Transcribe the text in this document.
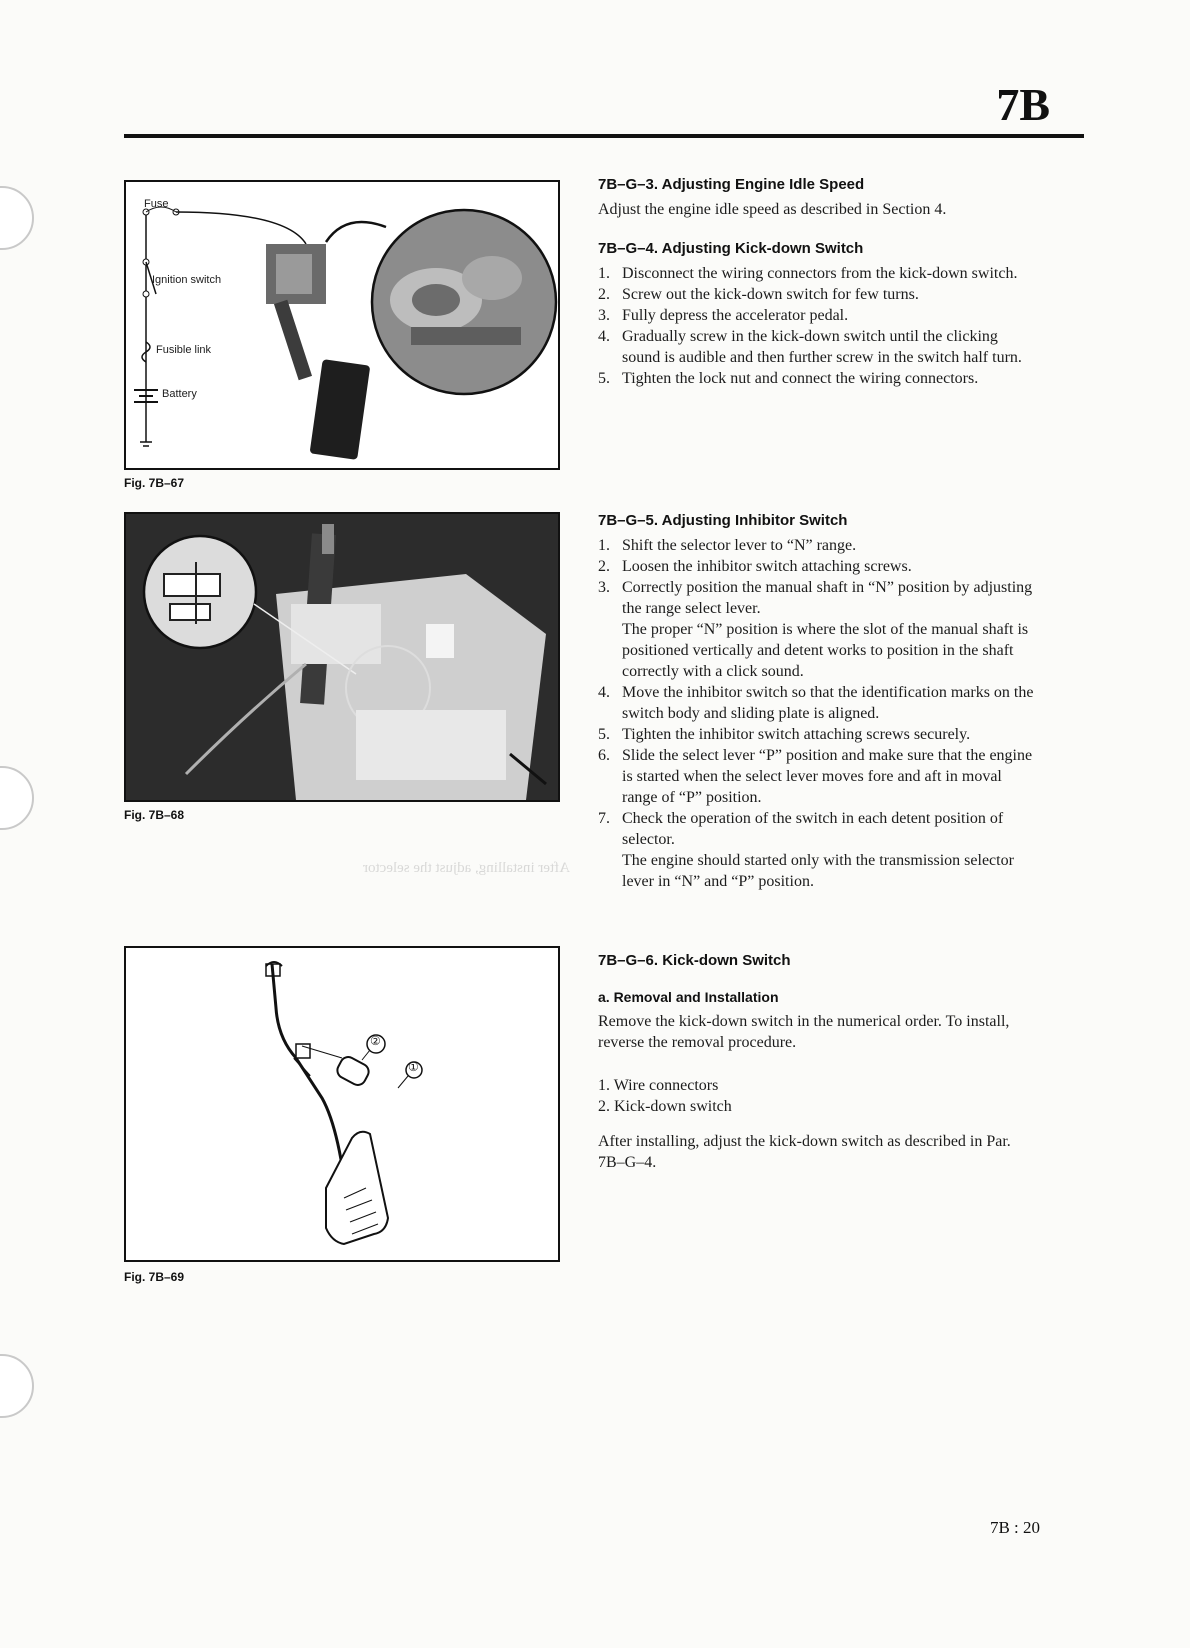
7B
After installing, adjust the selector
Fuse
Ignition switch
Fusible link
Battery
Fig. 7B–67
Fig. 7B–68
②
①
Fig. 7B–69
7B–G–3. Adjusting Engine Idle Speed

Adjust the engine idle speed as described in Section 4.

7B–G–4. Adjusting Kick-down Switch
1. Disconnect the wiring connectors from the kick-down switch.
2. Screw out the kick-down switch for few turns.
3. Fully depress the accelerator pedal.
4. Gradually screw in the kick-down switch until the clicking sound is audible and then further screw in the switch half turn.
5. Tighten the lock nut and connect the wiring connectors.
7B–G–5. Adjusting Inhibitor Switch
1. Shift the selector lever to “N” range.
2. Loosen the inhibitor switch attaching screws.
3. Correctly position the manual shaft in “N” position by adjusting the range select lever.
The proper “N” position is where the slot of the manual shaft is positioned vertically and detent works to position in the shaft correctly with a click sound.
4. Move the inhibitor switch so that the identification marks on the switch body and sliding plate is aligned.
5. Tighten the inhibitor switch attaching screws securely.
6. Slide the select lever “P” position and make sure that the engine is started when the select lever moves fore and aft in moval range of “P” position.
7. Check the operation of the switch in each detent position of selector.
The engine should started only with the transmission selector lever in “N” and “P” position.
7B–G–6. Kick-down Switch
a. Removal and Installation

Remove the kick-down switch in the numerical order. To install, reverse the removal procedure.

1. Wire connectors

2. Kick-down switch

After installing, adjust the kick-down switch as described in Par. 7B–G–4.

7B : 20
